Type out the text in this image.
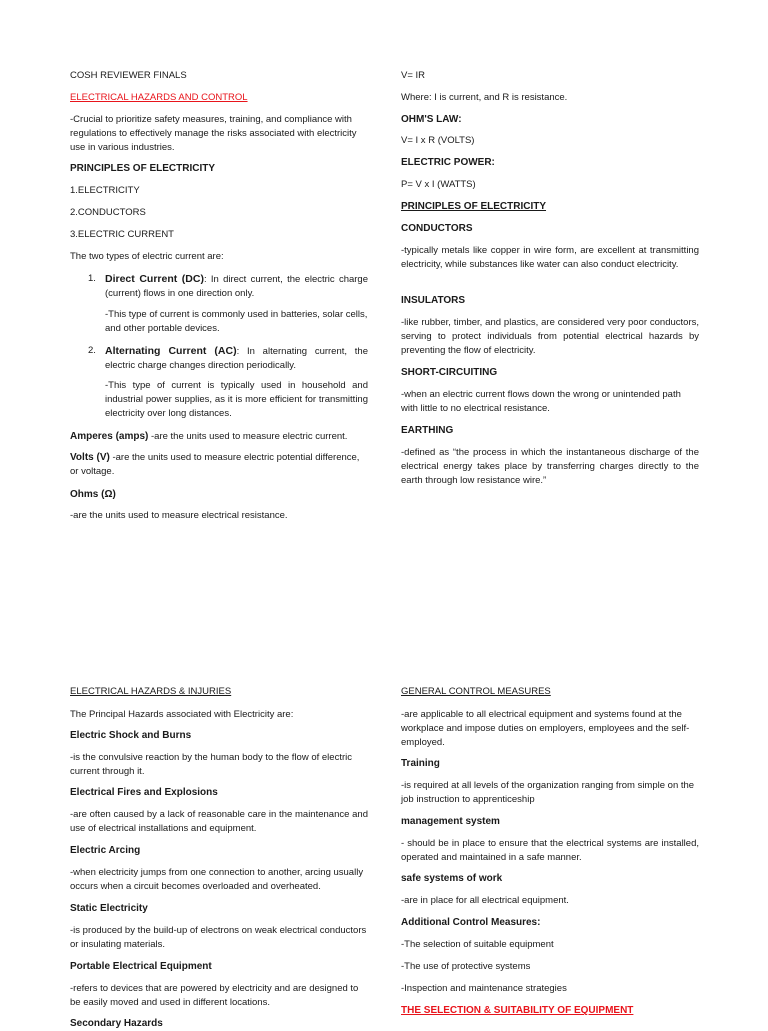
COSH REVIEWER FINALS

ELECTRICAL HAZARDS AND CONTROL

-Crucial to prioritize safety measures, training, and compliance with regulations to effectively manage the risks associated with electricity use in various industries.

PRINCIPLES OF ELECTRICITY

1.ELECTRICITY

2.CONDUCTORS

3.ELECTRIC CURRENT

The two types of electric current are:

1. Direct Current (DC): In direct current, the electric charge (current) flows in one direction only.

-This type of current is commonly used in batteries, solar cells, and other portable devices.

2. Alternating Current (AC): In alternating current, the electric charge changes direction periodically.

-This type of current is typically used in household and industrial power supplies, as it is more efficient for transmitting electricity over long distances.

Amperes (amps) -are the units used to measure electric current.

Volts (V) -are the units used to measure electric potential difference, or voltage.

Ohms (Ω)

-are the units used to measure electrical resistance.

V= IR

Where: I is current, and R is resistance.

OHM'S LAW:

V= I x R (VOLTS)

ELECTRIC POWER:

P= V x I (WATTS)

PRINCIPLES OF ELECTRICITY

CONDUCTORS

-typically metals like copper in wire form, are excellent at transmitting electricity, while substances like water can also conduct electricity.

INSULATORS

-like rubber, timber, and plastics, are considered very poor conductors, serving to protect individuals from potential electrical hazards by preventing the flow of electricity.

SHORT-CIRCUITING

-when an electric current flows down the wrong or unintended path with little to no electrical resistance.

EARTHING

-defined as “the process in which the instantaneous discharge of the electrical energy takes place by transferring charges directly to the earth through low resistance wire.”

ELECTRICAL HAZARDS & INJURIES

The Principal Hazards associated with Electricity are:

Electric Shock and Burns

-is the convulsive reaction by the human body to the flow of electric current through it.

Electrical Fires and Explosions

-are often caused by a lack of reasonable care in the maintenance and use of electrical installations and equipment.

Electric Arcing

-when electricity jumps from one connection to another, arcing usually occurs when a circuit becomes overloaded and overheated.

Static Electricity

-is produced by the build-up of electrons on weak electrical conductors or insulating materials.

Portable Electrical Equipment

-refers to devices that are powered by electricity and are designed to be easily moved and used in different locations.

Secondary Hazards

GENERAL CONTROL MEASURES

-are applicable to all electrical equipment and systems found at the workplace and impose duties on employers, employees and the self-employed.

Training

-is required at all levels of the organization ranging from simple on the job instruction to apprenticeship

management system

- should be in place to ensure that the electrical systems are installed, operated and maintained in a safe manner.

safe systems of work

-are in place for all electrical equipment.

Additional Control Measures:

-The selection of suitable equipment

-The use of protective systems

-Inspection and maintenance strategies

THE SELECTION & SUITABILITY OF EQUIPMENT
